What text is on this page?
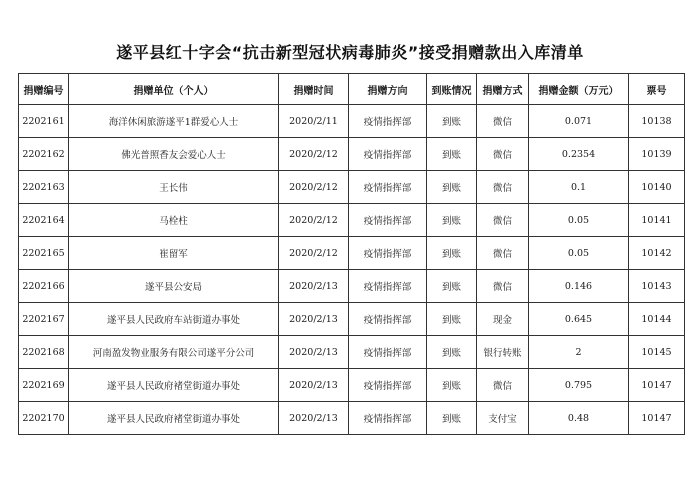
遂平县红十字会“抗击新型冠状病毒肺炎”接受捐赠款出入库清单
捐赠编号	捐赠单位（个人）	捐赠时间	捐赠方向	到账情况	捐赠方式	捐赠金额（万元）	票号
2202161	海洋休闲旅游遂平1群爱心人士	2020/2/11	疫情指挥部	到账	微信	0.071	10138
2202162	佛光普照香友会爱心人士	2020/2/12	疫情指挥部	到账	微信	0.2354	10139
2202163	王长伟	2020/2/12	疫情指挥部	到账	微信	0.1	10140
2202164	马栓柱	2020/2/12	疫情指挥部	到账	微信	0.05	10141
2202165	崔留军	2020/2/12	疫情指挥部	到账	微信	0.05	10142
2202166	遂平县公安局	2020/2/13	疫情指挥部	到账	微信	0.146	10143
2202167	遂平县人民政府车站街道办事处	2020/2/13	疫情指挥部	到账	现金	0.645	10144
2202168	河南盈发物业服务有限公司遂平分公司	2020/2/13	疫情指挥部	到账	银行转账	2	10145
2202169	遂平县人民政府褚堂街道办事处	2020/2/13	疫情指挥部	到账	微信	0.795	10147
2202170	遂平县人民政府褚堂街道办事处	2020/2/13	疫情指挥部	到账	支付宝	0.48	10147
